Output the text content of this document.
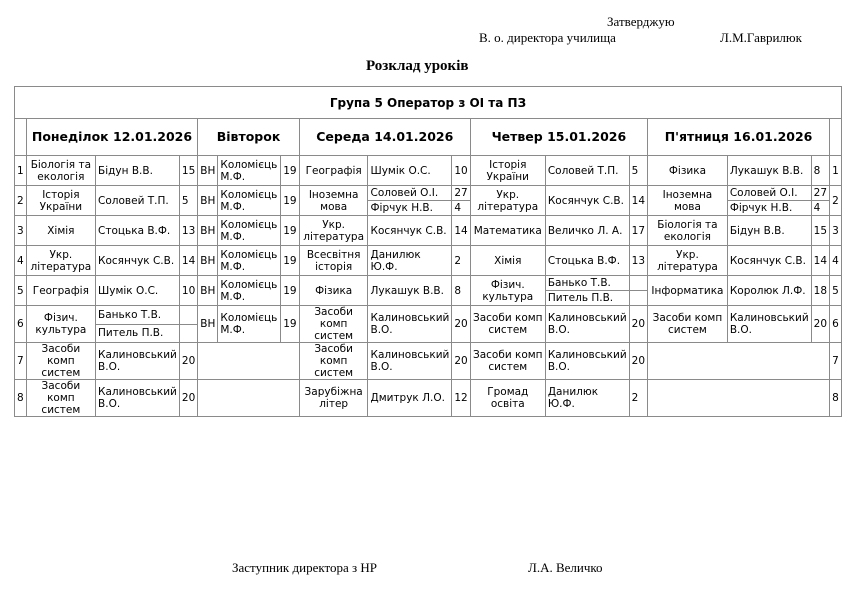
Затверджую
В. о. директора училища	Л.М.Гаврилюк
Розклад уроків
Група 5 Оператор з ОІ та ПЗ																
	Понеділок 12.01.2026			Вівторок			Середа 14.01.2026			Четвер 15.01.2026			П'ятниця 16.01.2026			
1	Біологія та екологія	Бідун В.В.	15	ВН	Коломієць М.Ф.	19	Географія	Шумік О.С.	10	Історія України	Соловей Т.П.	5	Фізика	Лукашук В.В.	8	1
2	Історія України	Соловей Т.П.	5	ВН	Коломієць М.Ф.	19	Іноземна мова	Соловей О.І.	27	Укр. література	Косянчук С.В.	14	Іноземна мова	Соловей О.І.	27	2
								Фірчук Н.В.	4					Фірчук Н.В.	4	
3	Хімія	Стоцька В.Ф.	13	ВН	Коломієць М.Ф.	19	Укр. література	Косянчук С.В.	14	Математика	Величко Л. А.	17	Біологія та екологія	Бідун В.В.	15	3
4	Укр. література	Косянчук С.В.	14	ВН	Коломієць М.Ф.	19	Всесвітня історія	Данилюк Ю.Ф.	2	Хімія	Стоцька В.Ф.	13	Укр. література	Косянчук С.В.	14	4
5	Географія	Шумік О.С.	10	ВН	Коломієць М.Ф.	19	Фізика	Лукашук В.В.	8	Фізич. культура	Банько Т.В.		Інформатика	Королюк Л.Ф.	18	5
											Питель П.В.					
6	Фізич. культура	Банько Т.В.		ВН	Коломієць М.Ф.	19	Засоби комп систем	Калиновський В.О.	20	Засоби комп систем	Калиновський В.О.	20	Засоби комп систем	Калиновський В.О.	20	6
		Питель П.В.														
7	Засоби комп систем	Калиновський В.О.	20				Засоби комп систем	Калиновський В.О.	20	Засоби комп систем	Калиновський В.О.	20				7
8	Засоби комп систем	Калиновський В.О.	20				Зарубіжна літер	Дмитрук Л.О.	12	Громад освіта	Данилюк Ю.Ф.	2				8
Заступник директора з НР	Л.А. Величко
